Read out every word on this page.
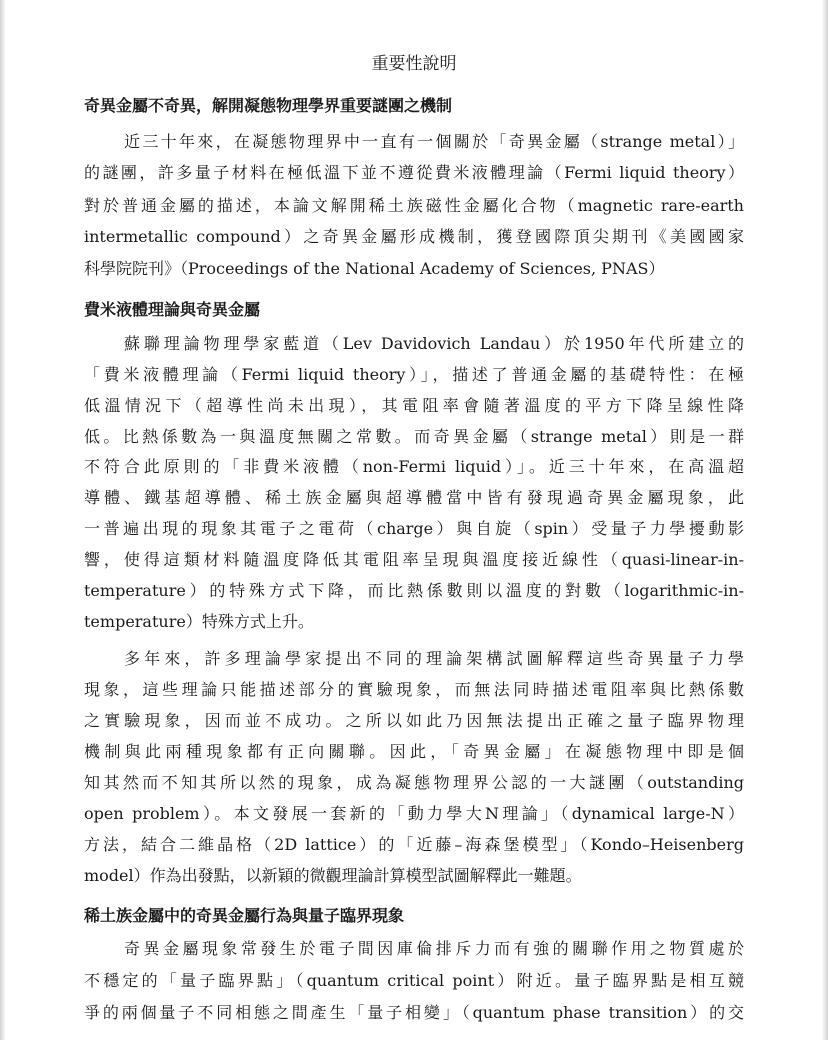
重要性說明
奇異金屬不奇異，解開凝態物理學界重要謎團之機制
近三十年來，在凝態物理界中一直有一個關於「奇異金屬（strange metal）」
的謎團，許多量子材料在極低溫下並不遵從費米液體理論（Fermi liquid theory）
對於普通金屬的描述，本論文解開稀土族磁性金屬化合物（magnetic rare-earth
intermetallic compound）之奇異金屬形成機制，獲登國際頂尖期刊《美國國家
科學院院刊》（Proceedings of the National Academy of Sciences, PNAS）
費米液體理論與奇異金屬
蘇聯理論物理學家藍道（Lev Davidovich Landau）於1950年代所建立的
「費米液體理論（Fermi liquid theory）」，描述了普通金屬的基礎特性：在極
低溫情況下（超導性尚未出現），其電阻率會隨著溫度的平方下降呈線性降
低。比熱係數為一與溫度無關之常數。而奇異金屬（strange metal）則是一群
不符合此原則的「非費米液體（non-Fermi liquid）」。近三十年來，在高溫超
導體、鐵基超導體、稀土族金屬與超導體當中皆有發現過奇異金屬現象，此
一普遍出現的現象其電子之電荷（charge）與自旋（spin）受量子力學擾動影
響，使得這類材料隨溫度降低其電阻率呈現與溫度接近線性（quasi-linear-in-
temperature）的特殊方式下降，而比熱係數則以溫度的對數（logarithmic-in-
temperature）特殊方式上升。
多年來，許多理論學家提出不同的理論架構試圖解釋這些奇異量子力學
現象，這些理論只能描述部分的實驗現象，而無法同時描述電阻率與比熱係數
之實驗現象，因而並不成功。之所以如此乃因無法提出正確之量子臨界物理
機制與此兩種現象都有正向關聯。因此，「奇異金屬」在凝態物理中即是個
知其然而不知其所以然的現象，成為凝態物理界公認的一大謎團（outstanding
open problem）。本文發展一套新的「動力學大N理論」（dynamical large-N）
方法，結合二維晶格（2D lattice）的「近藤–海森堡模型」（Kondo–Heisenberg
model）作為出發點，以新穎的微觀理論計算模型試圖解釋此一難題。
稀土族金屬中的奇異金屬行為與量子臨界現象
奇異金屬現象常發生於電子間因庫倫排斥力而有強的關聯作用之物質處於
不穩定的「量子臨界點」（quantum critical point）附近。量子臨界點是相互競
爭的兩個量子不同相態之間產生「量子相變」（quantum phase transition）的交
